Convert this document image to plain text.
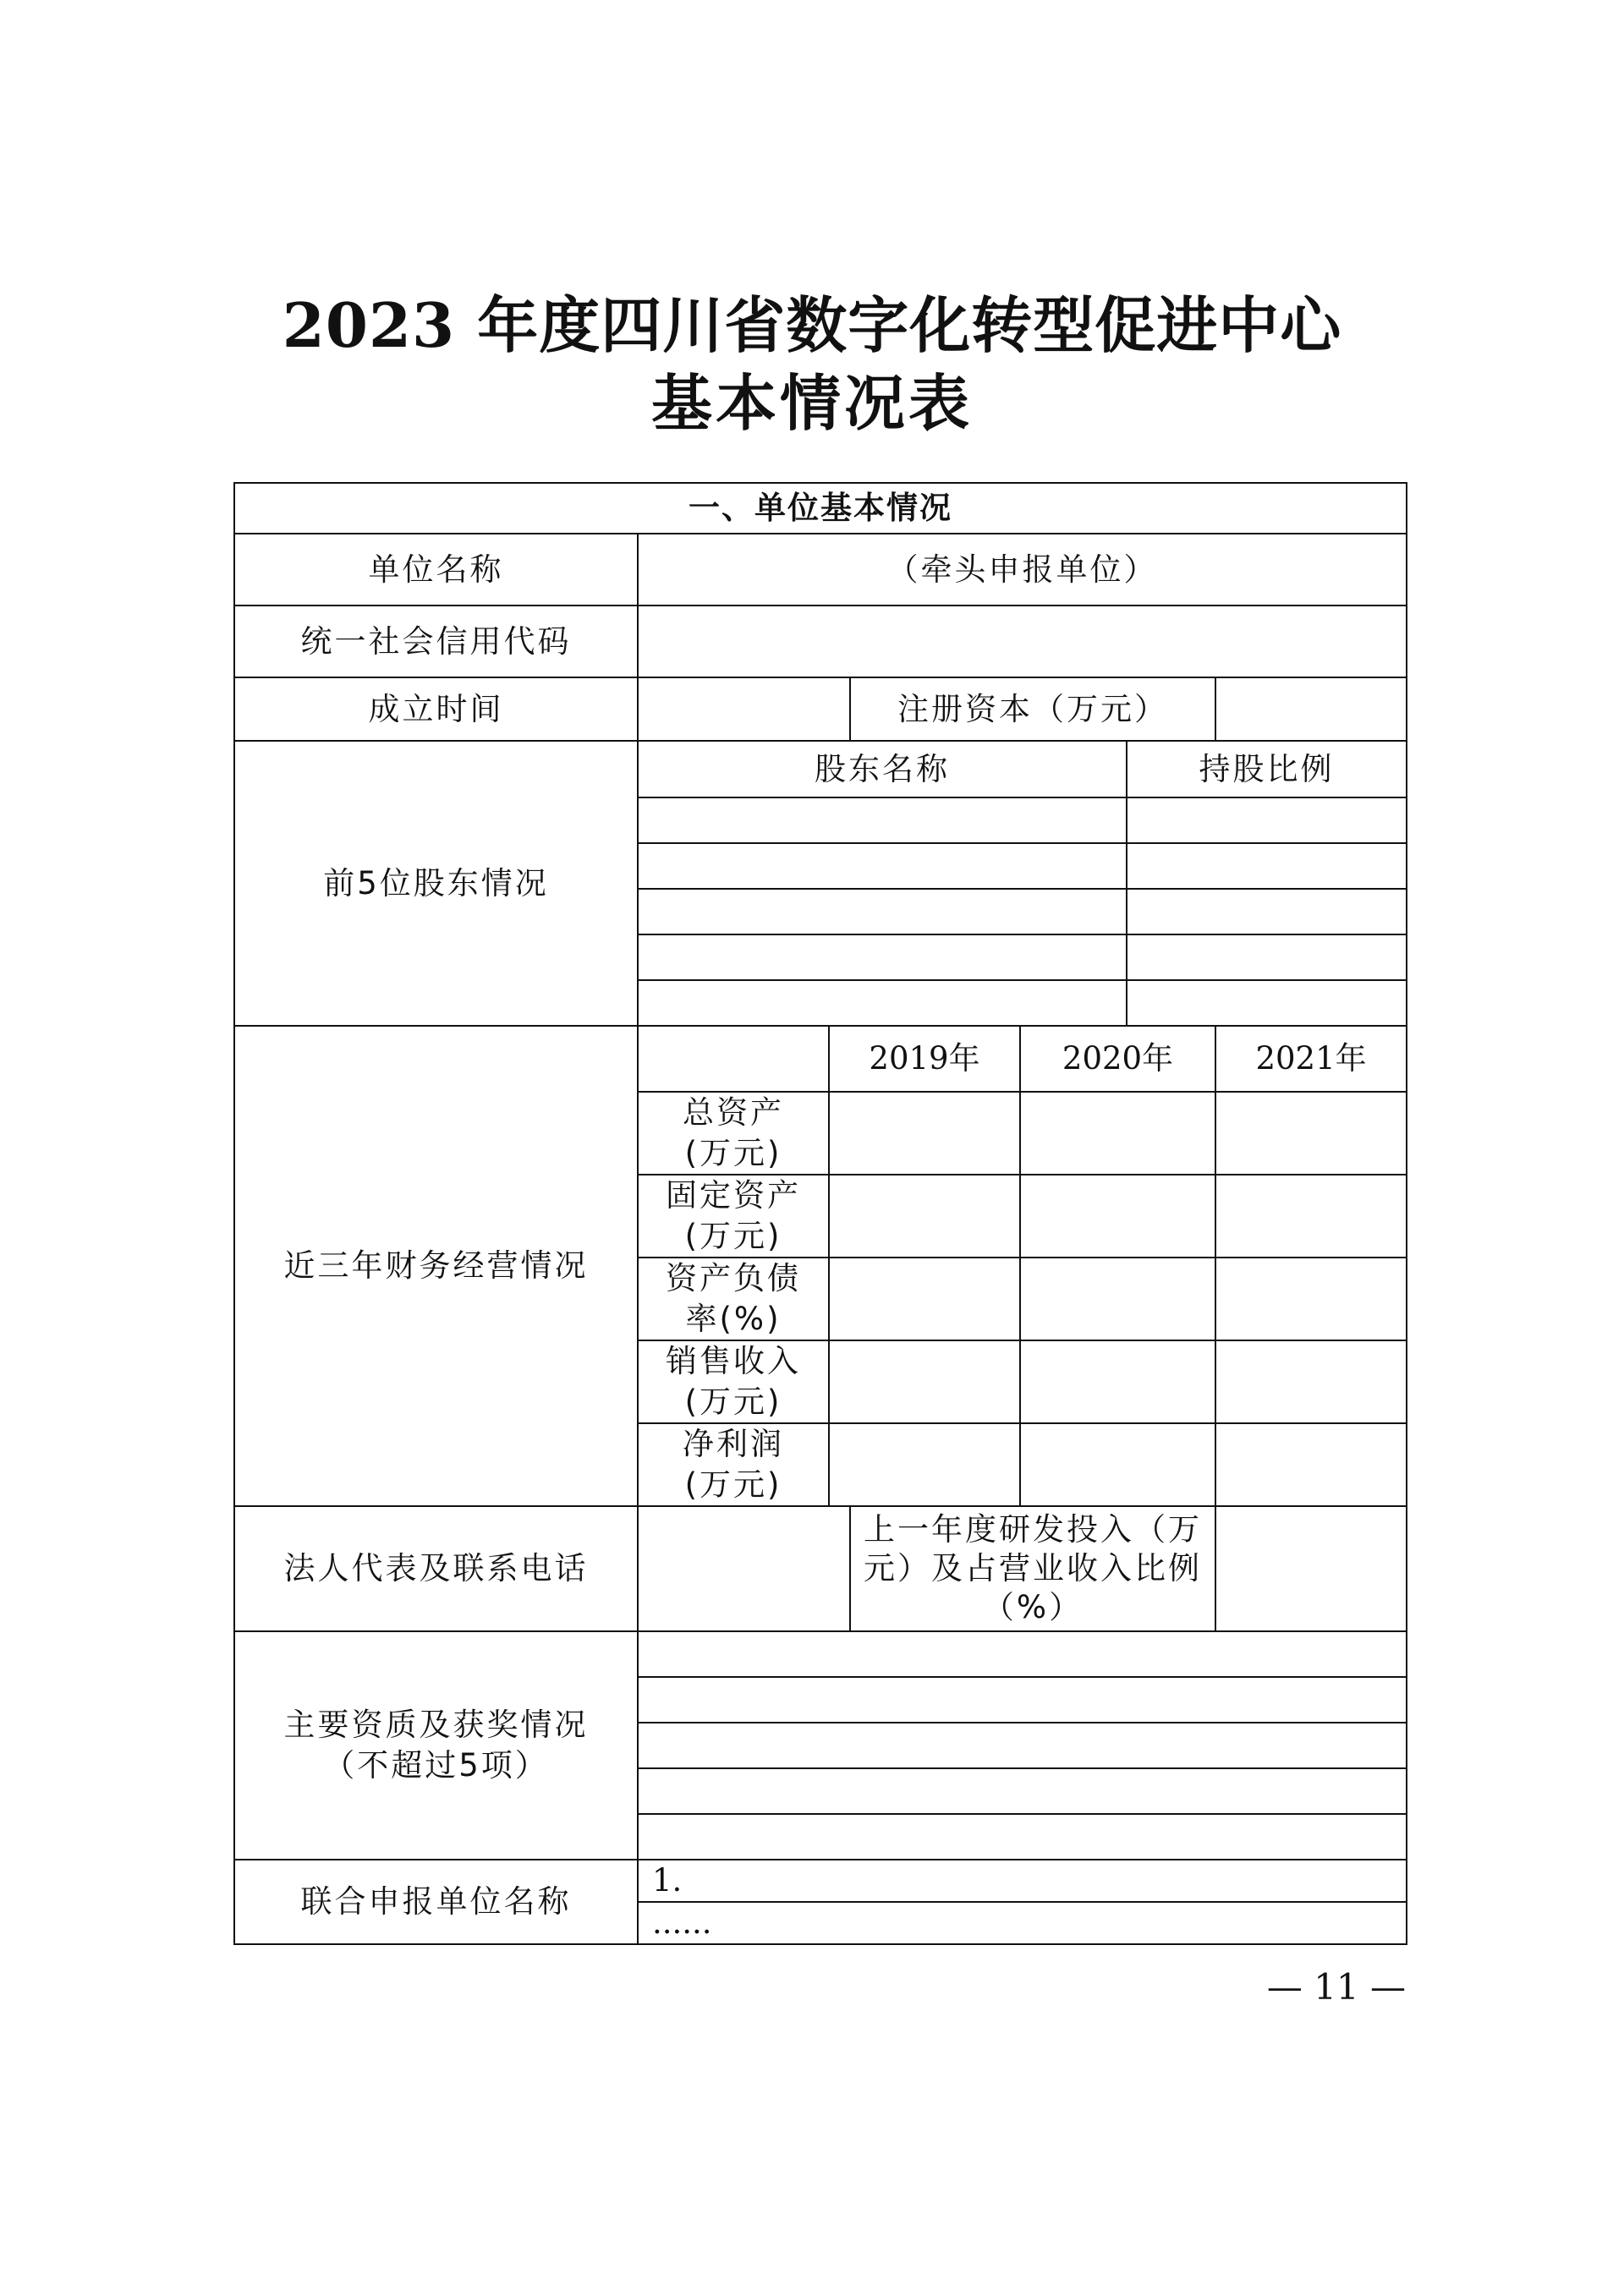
2023 年度四川省数字化转型促进中心
基本情况表
一、单位基本情况						
单位名称	（牵头申报单位）					
统一社会信用代码						
成立时间			注册资本（万元）			
前5位股东情况	股东名称				持股比例	

近三年财务经营情况		2019年		2020年		2021年

	总资产
(万元)					

	固定资产
(万元)					

	资产负债
率(%)					

	销售收入
(万元)					

	净利润
(万元)					

法人代表及联系电话			上一年度研发投入（万元）及占营业收入比例（%）			

主要资质及获奖情况
（不超过5项）						

联合申报单位名称	1.					
	......					
— 11 —
